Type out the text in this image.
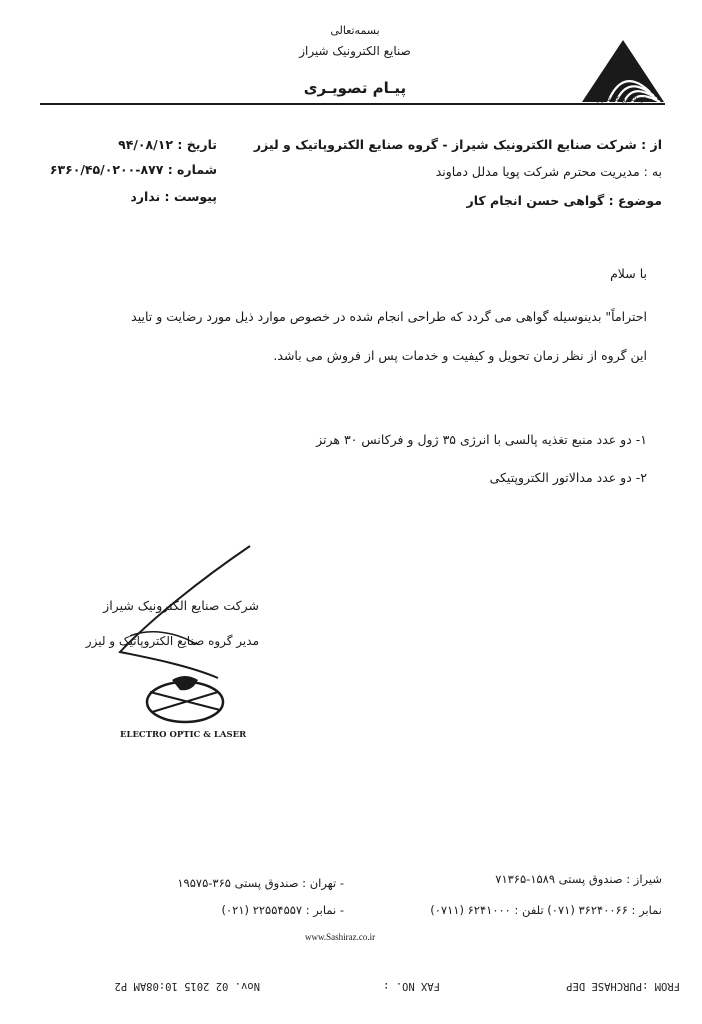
بسمه‌تعالی
صنایع الکترونیک شیراز
پیـام تصویـری
صنایع الکترونیک شیراز
تاریخ : ۹۴/۰۸/۱۲
شماره : ۸۷۷-۶۳۶۰/۴۵/۰۲۰۰
پیوست : ندارد
از : شرکت صنایع الکترونیک شیراز - گروه صنایع الکتروپاتیک و لیزر
به : مدیریت محترم شرکت پویا مدلل دماوند
موضوع : گواهی حسن انجام کار
با سلام
احتراماً" بدینوسیله گواهی می گردد که طراحی انجام شده در خصوص موارد ذیل مورد رضایت و تایید
این گروه از نظر زمان تحویل و کیفیت و خدمات پس از فروش می باشد.
۱- دو عدد منبع تغذیه پالسی با انرژی ۳۵ ژول و فرکانس ۳۰ هرتز
۲- دو عدد مدالاتور الکتروپتیکی
شرکت صنایع الکترونیک شیراز
مدیر گروه صنایع الکتروپاتیک و لیزر
ELECTRO OPTIC & LASER
شیراز : صندوق پستی ۱۵۸۹-۷۱۳۶۵
- تهران : صندوق پستی ۳۶۵-۱۹۵۷۵
نمابر : ۳۶۲۴۰۰۶۶ (۰۷۱) تلفن : ۶۲۴۱۰۰۰ (۰۷۱۱)
- نمابر : ۲۲۵۵۴۵۵۷ (۰۲۱)
www.Sashiraz.co.ir
FROM :PURCHASE DEP
FAX NO. :
Nov. 02 2015 10:08AM P2
